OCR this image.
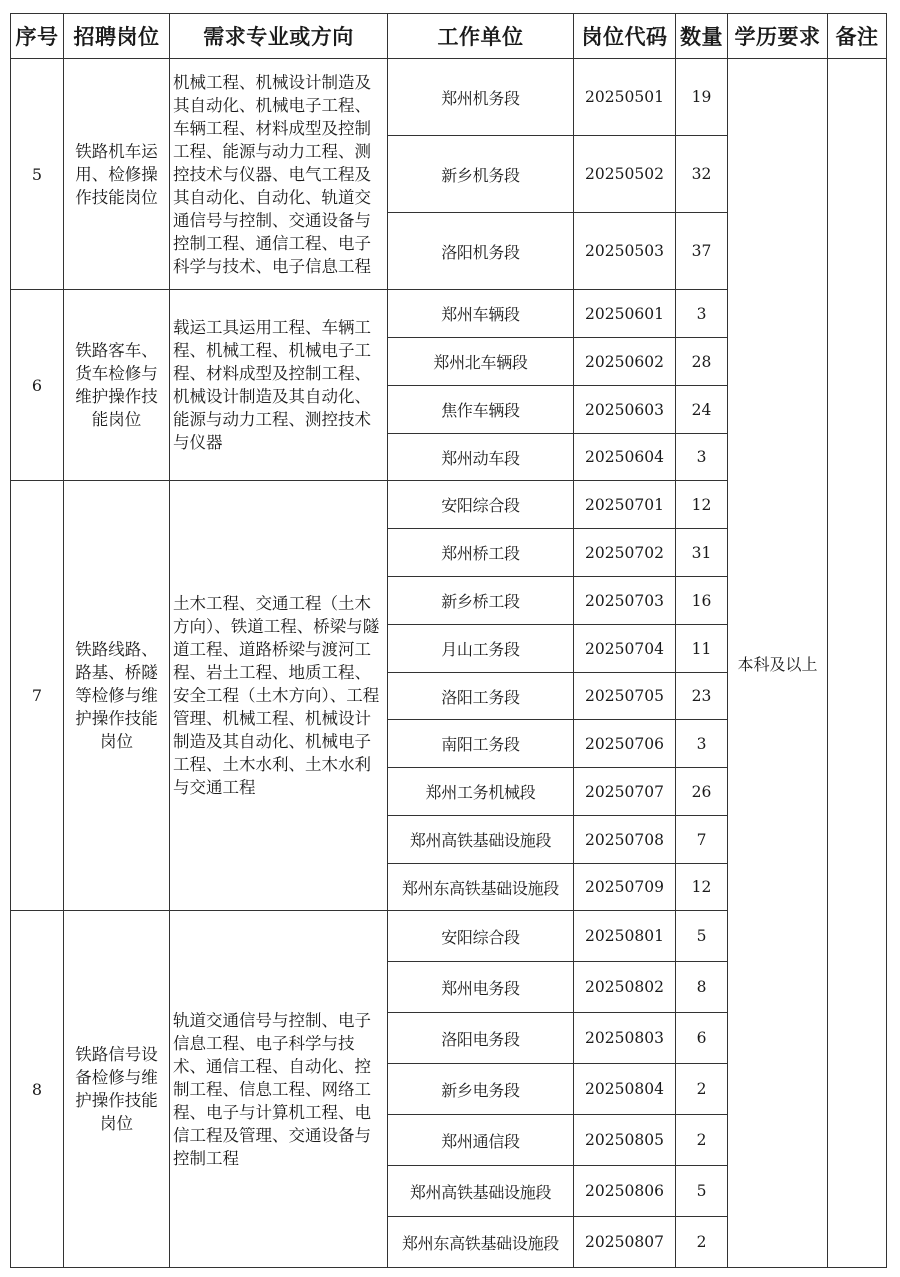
序号	招聘岗位	需求专业或方向	工作单位	岗位代码	数量	学历要求	备注
5	铁路机车运用、检修操作技能岗位	机械工程、机械设计制造及其自动化、机械电子工程、车辆工程、材料成型及控制工程、能源与动力工程、测控技术与仪器、电气工程及其自动化、自动化、轨道交通信号与控制、交通设备与控制工程、通信工程、电子科学与技术、电子信息工程	郑州机务段	20250501	19	本科及以上	
			新乡机务段	20250502	32		
			洛阳机务段	20250503	37		
6	铁路客车、货车检修与维护操作技能岗位	载运工具运用工程、车辆工程、机械工程、机械电子工程、材料成型及控制工程、机械设计制造及其自动化、能源与动力工程、测控技术与仪器	郑州车辆段	20250601	3		
			郑州北车辆段	20250602	28		
			焦作车辆段	20250603	24		
			郑州动车段	20250604	3		
7	铁路线路、路基、桥隧等检修与维护操作技能岗位	土木工程、交通工程（土木方向）、铁道工程、桥梁与隧道工程、道路桥梁与渡河工程、岩土工程、地质工程、安全工程（土木方向）、工程管理、机械工程、机械设计制造及其自动化、机械电子工程、土木水利、土木水利与交通工程	安阳综合段	20250701	12		
			郑州桥工段	20250702	31		
			新乡桥工段	20250703	16		
			月山工务段	20250704	11		
			洛阳工务段	20250705	23		
			南阳工务段	20250706	3		
			郑州工务机械段	20250707	26		
			郑州高铁基础设施段	20250708	7		
			郑州东高铁基础设施段	20250709	12		
8	铁路信号设备检修与维护操作技能岗位	轨道交通信号与控制、电子信息工程、电子科学与技术、通信工程、自动化、控制工程、信息工程、网络工程、电子与计算机工程、电信工程及管理、交通设备与控制工程	安阳综合段	20250801	5		
			郑州电务段	20250802	8		
			洛阳电务段	20250803	6		
			新乡电务段	20250804	2		
			郑州通信段	20250805	2		
			郑州高铁基础设施段	20250806	5		
			郑州东高铁基础设施段	20250807	2		
